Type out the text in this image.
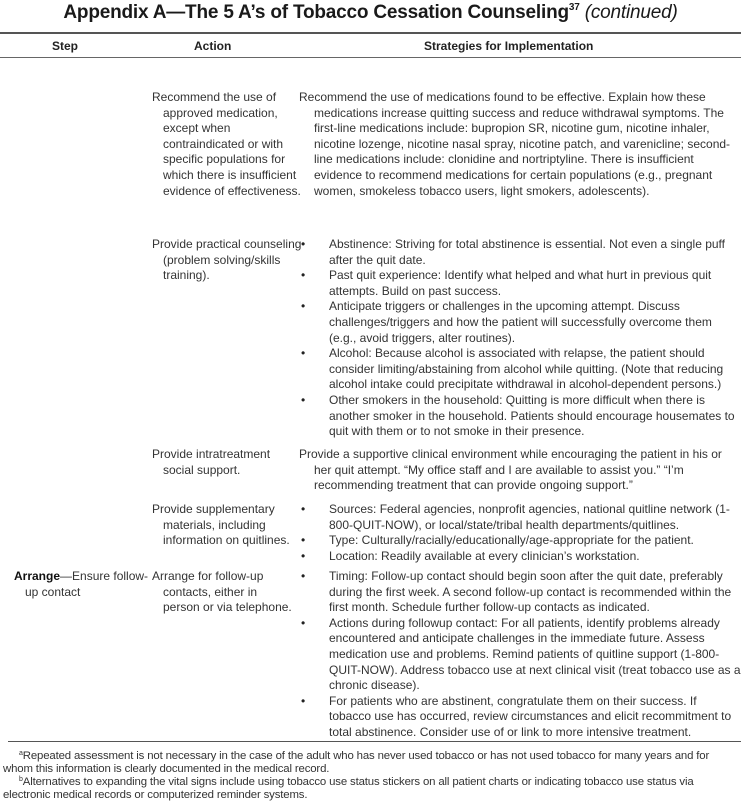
Appendix A—The 5 A’s of Tobacco Cessation Counseling$^{37}$ (continued)
Step	Action	Strategies for Implementation
Recommend the use of approved medication, except when contraindicated or with specific populations for which there is insufficient evidence of effectiveness.
Recommend the use of medications found to be effective. Explain how these medications increase quitting success and reduce withdrawal symptoms. The first-line medications include: bupropion SR, nicotine gum, nicotine inhaler, nicotine lozenge, nicotine nasal spray, nicotine patch, and varenicline; second-line medications include: clonidine and nortriptyline. There is insufficient evidence to recommend medications for certain populations (e.g., pregnant women, smokeless tobacco users, light smokers, adolescents).
Provide practical counseling (problem solving/skills training).
• Abstinence: Striving for total abstinence is essential. Not even a single puff after the quit date.
• Past quit experience: Identify what helped and what hurt in previous quit attempts. Build on past success.
• Anticipate triggers or challenges in the upcoming attempt. Discuss challenges/triggers and how the patient will successfully overcome them (e.g., avoid triggers, alter routines).
• Alcohol: Because alcohol is associated with relapse, the patient should consider limiting/abstaining from alcohol while quitting. (Note that reducing alcohol intake could precipitate withdrawal in alcohol-dependent persons.)
• Other smokers in the household: Quitting is more difficult when there is another smoker in the household. Patients should encourage housemates to quit with them or to not smoke in their presence.
Provide intratreatment social support.
Provide a supportive clinical environment while encouraging the patient in his or her quit attempt. “My office staff and I are available to assist you.” “I’m recommending treatment that can provide ongoing support.”
Provide supplementary materials, including information on quitlines.
• Sources: Federal agencies, nonprofit agencies, national quitline network (1-800-QUIT-NOW), or local/state/tribal health departments/quitlines.
• Type: Culturally/racially/educationally/age-appropriate for the patient.
• Location: Readily available at every clinician’s workstation.
Arrange—Ensure follow-up contact
Arrange for follow-up contacts, either in person or via telephone.
• Timing: Follow-up contact should begin soon after the quit date, preferably during the first week. A second follow-up contact is recommended within the first month. Schedule further follow-up contacts as indicated.
• Actions during followup contact: For all patients, identify problems already encountered and anticipate challenges in the immediate future. Assess medication use and problems. Remind patients of quitline support (1-800-QUIT-NOW). Address tobacco use at next clinical visit (treat tobacco use as a chronic disease).
• For patients who are abstinent, congratulate them on their success. If tobacco use has occurred, review circumstances and elicit recommitment to total abstinence. Consider use of or link to more intensive treatment.
$^a$Repeated assessment is not necessary in the case of the adult who has never used tobacco or has not used tobacco for many years and for whom this information is clearly documented in the medical record.
$^b$Alternatives to expanding the vital signs include using tobacco use status stickers on all patient charts or indicating tobacco use status via electronic medical records or computerized reminder systems.
